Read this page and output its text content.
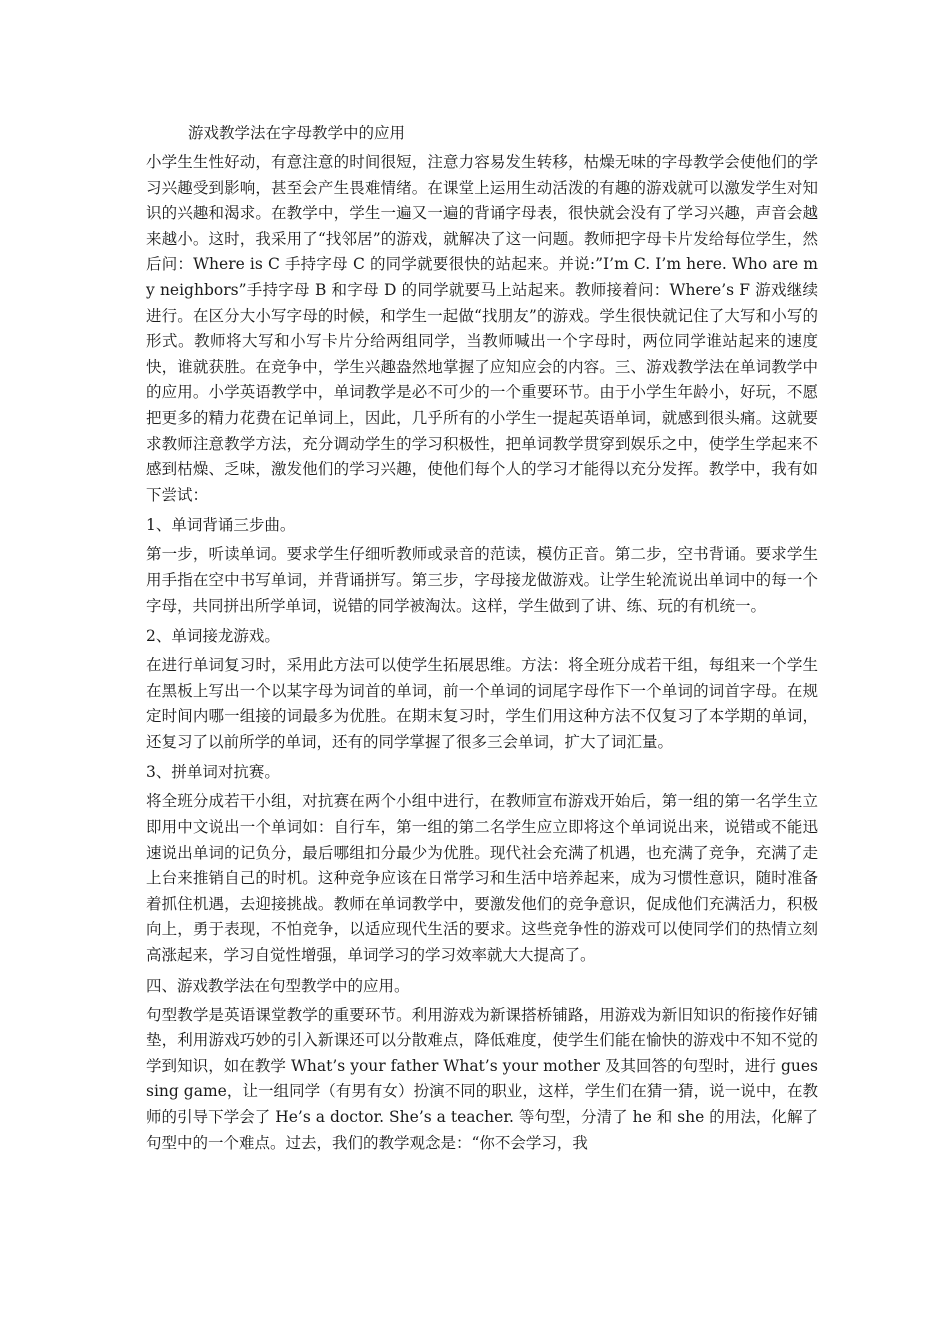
游戏教学法在字母教学中的应用

小学生生性好动，有意注意的时间很短，注意力容易发生转移，枯燥无味的字母教学会使他们的学习兴趣受到影响，甚至会产生畏难情绪。在课堂上运用生动活泼的有趣的游戏就可以激发学生对知识的兴趣和渴求。在教学中，学生一遍又一遍的背诵字母表，很快就会没有了学习兴趣，声音会越来越小。这时，我采用了“找邻居”的游戏，就解决了这一问题。教师把字母卡片发给每位学生，然后问：Where is C 手持字母 C 的同学就要很快的站起来。并说:”I’m C. I’m here. Who are my neighbors”手持字母 B 和字母 D 的同学就要马上站起来。教师接着问：Where’s F 游戏继续进行。在区分大小写字母的时候，和学生一起做“找朋友”的游戏。学生很快就记住了大写和小写的形式。教师将大写和小写卡片分给两组同学，当教师喊出一个字母时，两位同学谁站起来的速度快，谁就获胜。在竞争中，学生兴趣盎然地掌握了应知应会的内容。三、游戏教学法在单词教学中的应用。小学英语教学中，单词教学是必不可少的一个重要环节。由于小学生年龄小，好玩，不愿把更多的精力花费在记单词上，因此，几乎所有的小学生一提起英语单词，就感到很头痛。这就要求教师注意教学方法，充分调动学生的学习积极性，把单词教学贯穿到娱乐之中，使学生学起来不感到枯燥、乏味，激发他们的学习兴趣，使他们每个人的学习才能得以充分发挥。教学中，我有如下尝试：

1、单词背诵三步曲。

第一步，听读单词。要求学生仔细听教师或录音的范读，模仿正音。第二步，空书背诵。要求学生用手指在空中书写单词，并背诵拼写。第三步，字母接龙做游戏。让学生轮流说出单词中的每一个字母，共同拼出所学单词，说错的同学被淘汰。这样，学生做到了讲、练、玩的有机统一。

2、单词接龙游戏。

在进行单词复习时，采用此方法可以使学生拓展思维。方法：将全班分成若干组，每组来一个学生在黑板上写出一个以某字母为词首的单词，前一个单词的词尾字母作下一个单词的词首字母。在规定时间内哪一组接的词最多为优胜。在期末复习时，学生们用这种方法不仅复习了本学期的单词，还复习了以前所学的单词，还有的同学掌握了很多三会单词，扩大了词汇量。

3、拼单词对抗赛。

将全班分成若干小组，对抗赛在两个小组中进行，在教师宣布游戏开始后，第一组的第一名学生立即用中文说出一个单词如：自行车，第一组的第二名学生应立即将这个单词说出来，说错或不能迅速说出单词的记负分，最后哪组扣分最少为优胜。现代社会充满了机遇，也充满了竞争，充满了走上台来推销自己的时机。这种竞争应该在日常学习和生活中培养起来，成为习惯性意识，随时准备着抓住机遇，去迎接挑战。教师在单词教学中，要激发他们的竞争意识，促成他们充满活力，积极向上，勇于表现，不怕竞争，以适应现代生活的要求。这些竞争性的游戏可以使同学们的热情立刻高涨起来，学习自觉性增强，单词学习的学习效率就大大提高了。

四、游戏教学法在句型教学中的应用。

句型教学是英语课堂教学的重要环节。利用游戏为新课搭桥铺路，用游戏为新旧知识的衔接作好铺垫，利用游戏巧妙的引入新课还可以分散难点，降低难度，使学生们能在愉快的游戏中不知不觉的学到知识，如在教学 What’s your father What’s your mother 及其回答的句型时，进行 guessing game，让一组同学（有男有女）扮演不同的职业，这样，学生们在猜一猜，说一说中，在教师的引导下学会了 He’s a doctor. She’s a teacher. 等句型，分清了 he 和 she 的用法，化解了句型中的一个难点。过去，我们的教学观念是：“你不会学习，我
